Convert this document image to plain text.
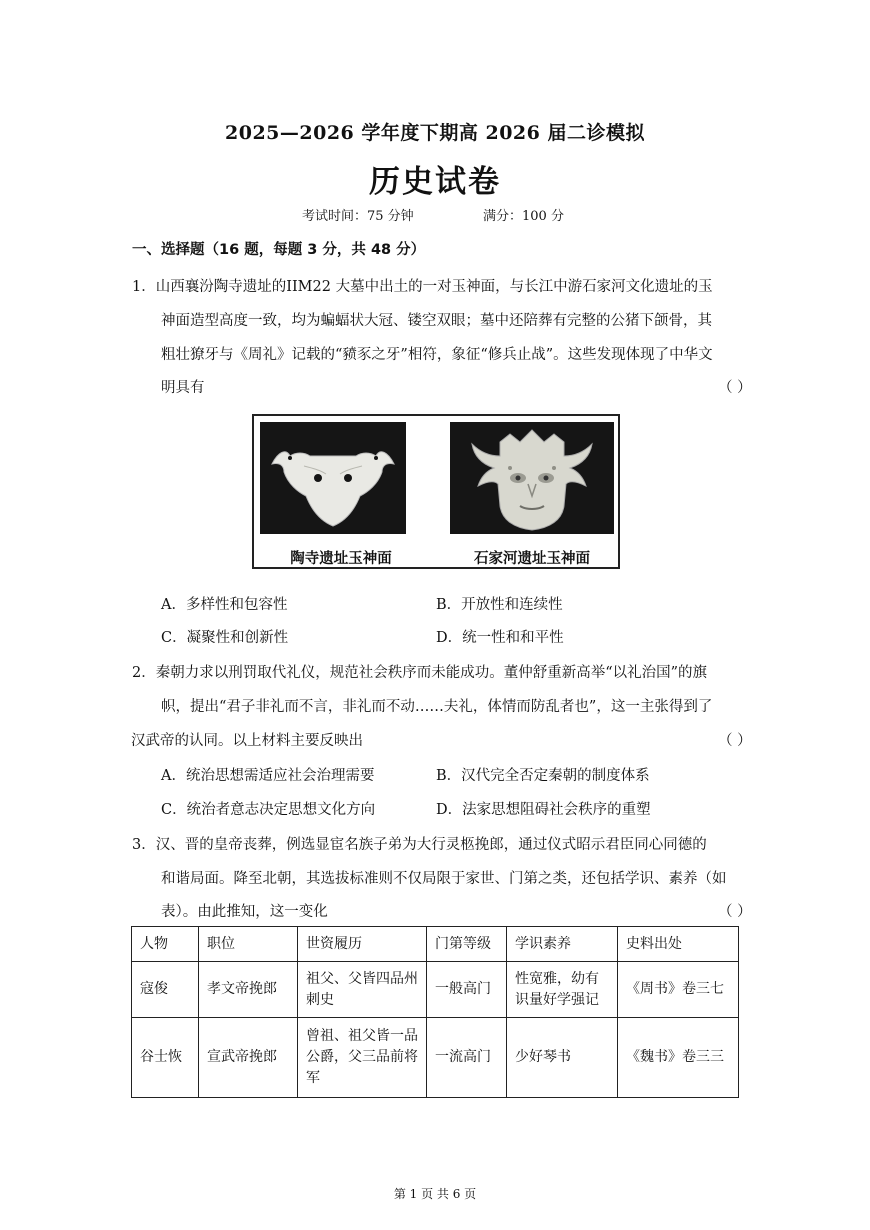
2025—2026 学年度下期高 2026 届二诊模拟
历史试卷
考试时间：75 分钟	满分：100 分
一、选择题（16 题，每题 3 分，共 48 分）
1．山西襄汾陶寺遗址的IIM22 大墓中出土的一对玉神面，与长江中游石家河文化遗址的玉
神面造型高度一致，均为蝙蝠状大冠、镂空双眼；墓中还陪葬有完整的公猪下颌骨，其
粗壮獠牙与《周礼》记载的“豮豕之牙”相符，象征“修兵止战”。这些发现体现了中华文
明具有	（ ）
陶寺遗址玉神面	石家河遗址玉神面
A．多样性和包容性	B．开放性和连续性
C．凝聚性和创新性	D．统一性和和平性
2．秦朝力求以刑罚取代礼仪，规范社会秩序而未能成功。董仲舒重新高举“以礼治国”的旗
帜，提出“君子非礼而不言，非礼而不动……夫礼，体情而防乱者也”，这一主张得到了
汉武帝的认同。以上材料主要反映出	（ ）
A．统治思想需适应社会治理需要	B．汉代完全否定秦朝的制度体系
C．统治者意志决定思想文化方向	D．法家思想阻碍社会秩序的重塑
3．汉、晋的皇帝丧葬，例选显宦名族子弟为大行灵柩挽郎，通过仪式昭示君臣同心同德的
和谐局面。降至北朝，其选拔标准则不仅局限于家世、门第之类，还包括学识、素养（如
表）。由此推知，这一变化	（ ）
人物	职位	世资履历	门第等级	学识素养	史料出处
寇俊	孝文帝挽郎	祖父、父皆四品州刺史	一般高门	性宽雅，幼有识量好学强记	《周书》卷三七
谷士恢	宣武帝挽郎	曾祖、祖父皆一品公爵，父三品前将军	一流高门	少好琴书	《魏书》卷三三
第 1 页 共 6 页
